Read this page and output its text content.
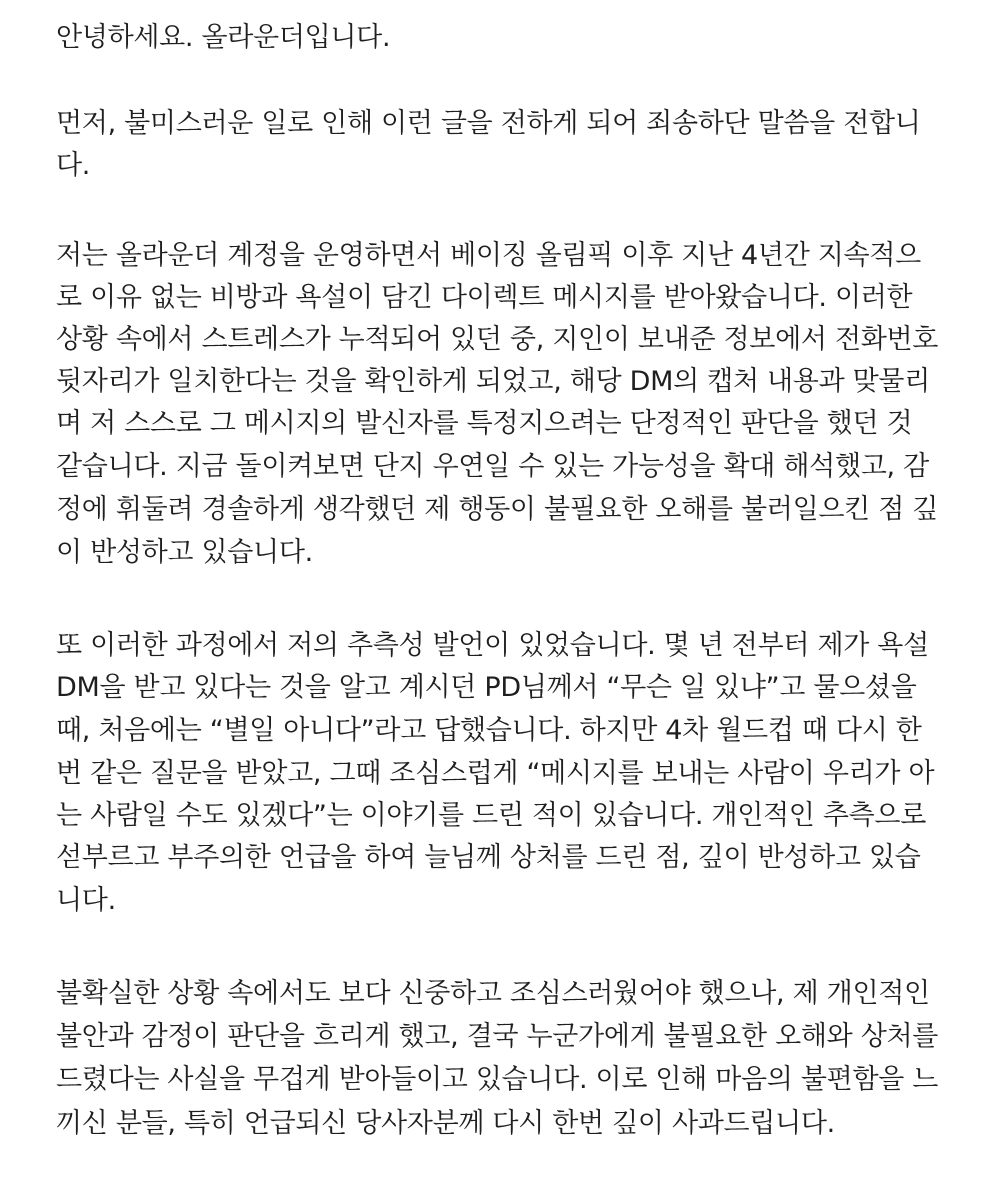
안녕하세요. 올라운더입니다.
먼저, 불미스러운 일로 인해 이런 글을 전하게 되어 죄송하단 말씀을 전합니
다.
저는 올라운더 계정을 운영하면서 베이징 올림픽 이후 지난 4년간 지속적으
로 이유 없는 비방과 욕설이 담긴 다이렉트 메시지를 받아왔습니다. 이러한
상황 속에서 스트레스가 누적되어 있던 중, 지인이 보내준 정보에서 전화번호
뒷자리가 일치한다는 것을 확인하게 되었고, 해당 DM의 캡처 내용과 맞물리
며 저 스스로 그 메시지의 발신자를 특정지으려는 단정적인 판단을 했던 것
같습니다. 지금 돌이켜보면 단지 우연일 수 있는 가능성을 확대 해석했고, 감
정에 휘둘려 경솔하게 생각했던 제 행동이 불필요한 오해를 불러일으킨 점 깊
이 반성하고 있습니다.
또 이러한 과정에서 저의 추측성 발언이 있었습니다. 몇 년 전부터 제가 욕설
DM을 받고 있다는 것을 알고 계시던 PD님께서 “무슨 일 있냐”고 물으셨을
때, 처음에는 “별일 아니다”라고 답했습니다. 하지만 4차 월드컵 때 다시 한
번 같은 질문을 받았고, 그때 조심스럽게 “메시지를 보내는 사람이 우리가 아
는 사람일 수도 있겠다”는 이야기를 드린 적이 있습니다. 개인적인 추측으로
섣부르고 부주의한 언급을 하여 늘님께 상처를 드린 점, 깊이 반성하고 있습
니다.
불확실한 상황 속에서도 보다 신중하고 조심스러웠어야 했으나, 제 개인적인
불안과 감정이 판단을 흐리게 했고, 결국 누군가에게 불필요한 오해와 상처를
드렸다는 사실을 무겁게 받아들이고 있습니다. 이로 인해 마음의 불편함을 느
끼신 분들, 특히 언급되신 당사자분께 다시 한번 깊이 사과드립니다.
